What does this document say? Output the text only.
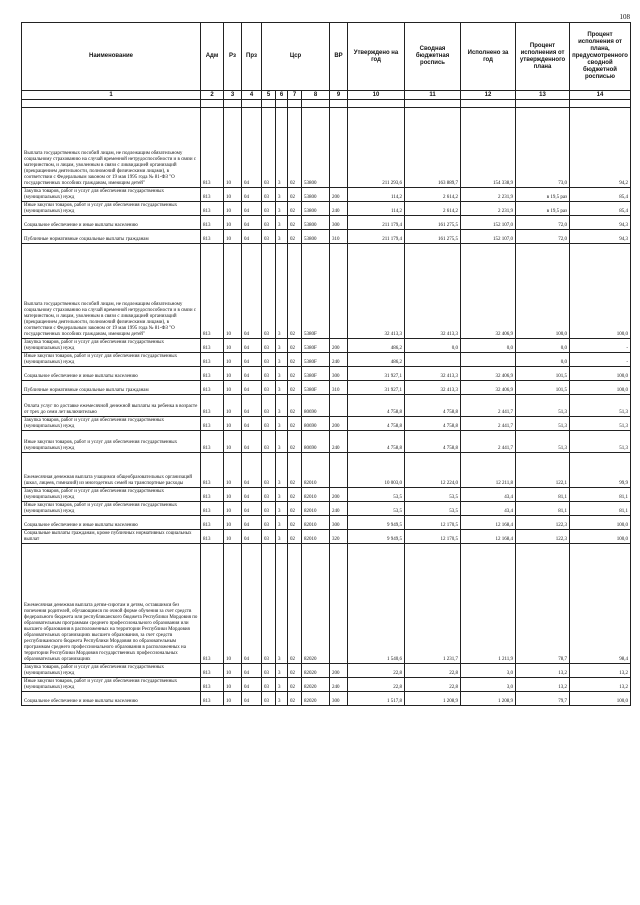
108
Наименование	Адм	Рз	Прз	Цср				ВР	Утверждено на год	Сводная бюджетная роспись	Исполнено за год	Процент исполнения от утвержденного плана	Процент исполнения от плана, предусмотренного сводной бюджетной росписью
1	2	3	4	5	6	7	8	9	10	11	12	13	14

Выплата государственных пособий лицам, не подлежащим обязательному социальному страхованию на случай временной нетрудоспособности и в связи с материнством, и лицам, уволенным в связи с ликвидацией организаций (прекращением деятельности, полномочий физическими лицами), в соответствии с Федеральным законом от 19 мая 1995 года № 81-ФЗ "О государственных пособиях гражданам, имеющим детей"	813	10	04	03	3	02	53800		211 293,6	163 889,7	154 338,9	73,0	94,2
Закупка товаров, работ и услуг для обеспечения государственных (муниципальных) нужд	813	10	04	03	3	02	53800	200	114,2	2 614,2	2 231,9	в 19,5 раз	85,4
Иные закупки товаров, работ и услуг для обеспечения государственных (муниципальных) нужд	813	10	04	03	3	02	53800	240	114,2	2 614,2	2 231,9	в 19,5 раз	85,4
Социальное обеспечение и иные выплаты населению	813	10	04	03	3	02	53800	300	211 179,4	161 275,5	152 107,0	72,0	94,3
Публичные нормативные социальные выплаты гражданам	813	10	04	03	3	02	53800	310	211 179,4	161 275,5	152 107,0	72,0	94,3
Выплата государственных пособий лицам, не подлежащим обязательному социальному страхованию на случай временной нетрудоспособности и в связи с материнством, и лицам, уволенным в связи с ликвидацией организаций (прекращением деятельности, полномочий физическими лицами), в соответствии с Федеральным законом от 19 мая 1995 года № 81-ФЗ "О государственных пособиях гражданам, имеющим детей"	813	10	04	03	3	02	5380F		32 413,3	32 413,3	32 406,9	100,0	100,0
Закупка товаров, работ и услуг для обеспечения государственных (муниципальных) нужд	813	10	04	03	3	02	5380F	200	486,2	0,0	0,0	0,0	-
Иные закупки товаров, работ и услуг для обеспечения государственных (муниципальных) нужд	813	10	04	03	3	02	5380F	240	486,2			0,0	-
Социальное обеспечение и иные выплаты населению	813	10	04	03	3	02	5380F	300	31 927,1	32 413,3	32 406,9	101,5	100,0
Публичные нормативные социальные выплаты гражданам	813	10	04	03	3	02	5380F	310	31 927,1	32 413,3	32 406,9	101,5	100,0
Оплата услуг по доставке ежемесячной денежной выплаты на ребенка в возрасте от трех до семи лет включительно	813	10	04	03	3	02	80690		4 758,8	4 758,8	2 441,7	51,3	51,3
Закупка товаров, работ и услуг для обеспечения государственных (муниципальных) нужд	813	10	04	03	3	02	80690	200	4 758,8	4 758,8	2 441,7	51,3	51,3
Иные закупки товаров, работ и услуг для обеспечения государственных (муниципальных) нужд	813	10	04	03	3	02	80690	240	4 758,8	4 758,8	2 441,7	51,3	51,3
Ежемесячная денежная выплата учащимся общеобразовательных организаций (школ, лицеев, гимназий) из многодетных семей на транспортные расходы	813	10	04	03	3	02	82010		10 003,0	12 224,0	12 211,8	122,1	99,9
Закупка товаров, работ и услуг для обеспечения государственных (муниципальных) нужд	813	10	04	03	3	02	82010	200	53,5	53,5	43,4	81,1	81,1
Иные закупки товаров, работ и услуг для обеспечения государственных (муниципальных) нужд	813	10	04	03	3	02	82010	240	53,5	53,5	43,4	81,1	81,1
Социальное обеспечение и иные выплаты населению	813	10	04	03	3	02	82010	300	9 949,5	12 170,5	12 168,4	122,3	100,0
Социальные выплаты гражданам, кроме публичных нормативных социальных выплат	813	10	04	03	3	02	82010	320	9 949,5	12 170,5	12 168,4	122,3	100,0
Ежемесячная денежная выплата детям-сиротам и детям, оставшимся без попечения родителей, обучающимся по очной форме обучения за счет средств федерального бюджета или республиканского бюджета Республики Мордовия по образовательным программам среднего профессионального образования или высшего образования в расположенных на территории Республики Мордовия образовательных организациях высшего образования, за счет средств республиканского бюджета Республики Мордовия по образовательным программам среднего профессионального образования в расположенных на территории Республики Мордовия государственных профессиональных образовательных организациях	813	10	04	03	3	02	82020		1 540,6	1 231,7	1 211,9	78,7	98,4
Закупка товаров, работ и услуг для обеспечения государственных (муниципальных) нужд	813	10	04	03	3	02	82020	200	22,8	22,8	3,0	13,2	13,2
Иные закупки товаров, работ и услуг для обеспечения государственных (муниципальных) нужд	813	10	04	03	3	02	82020	240	22,8	22,8	3,0	13,2	13,2
Социальное обеспечение и иные выплаты населению	813	10	04	03	3	02	82020	300	1 517,8	1 208,9	1 208,9	79,7	100,0
